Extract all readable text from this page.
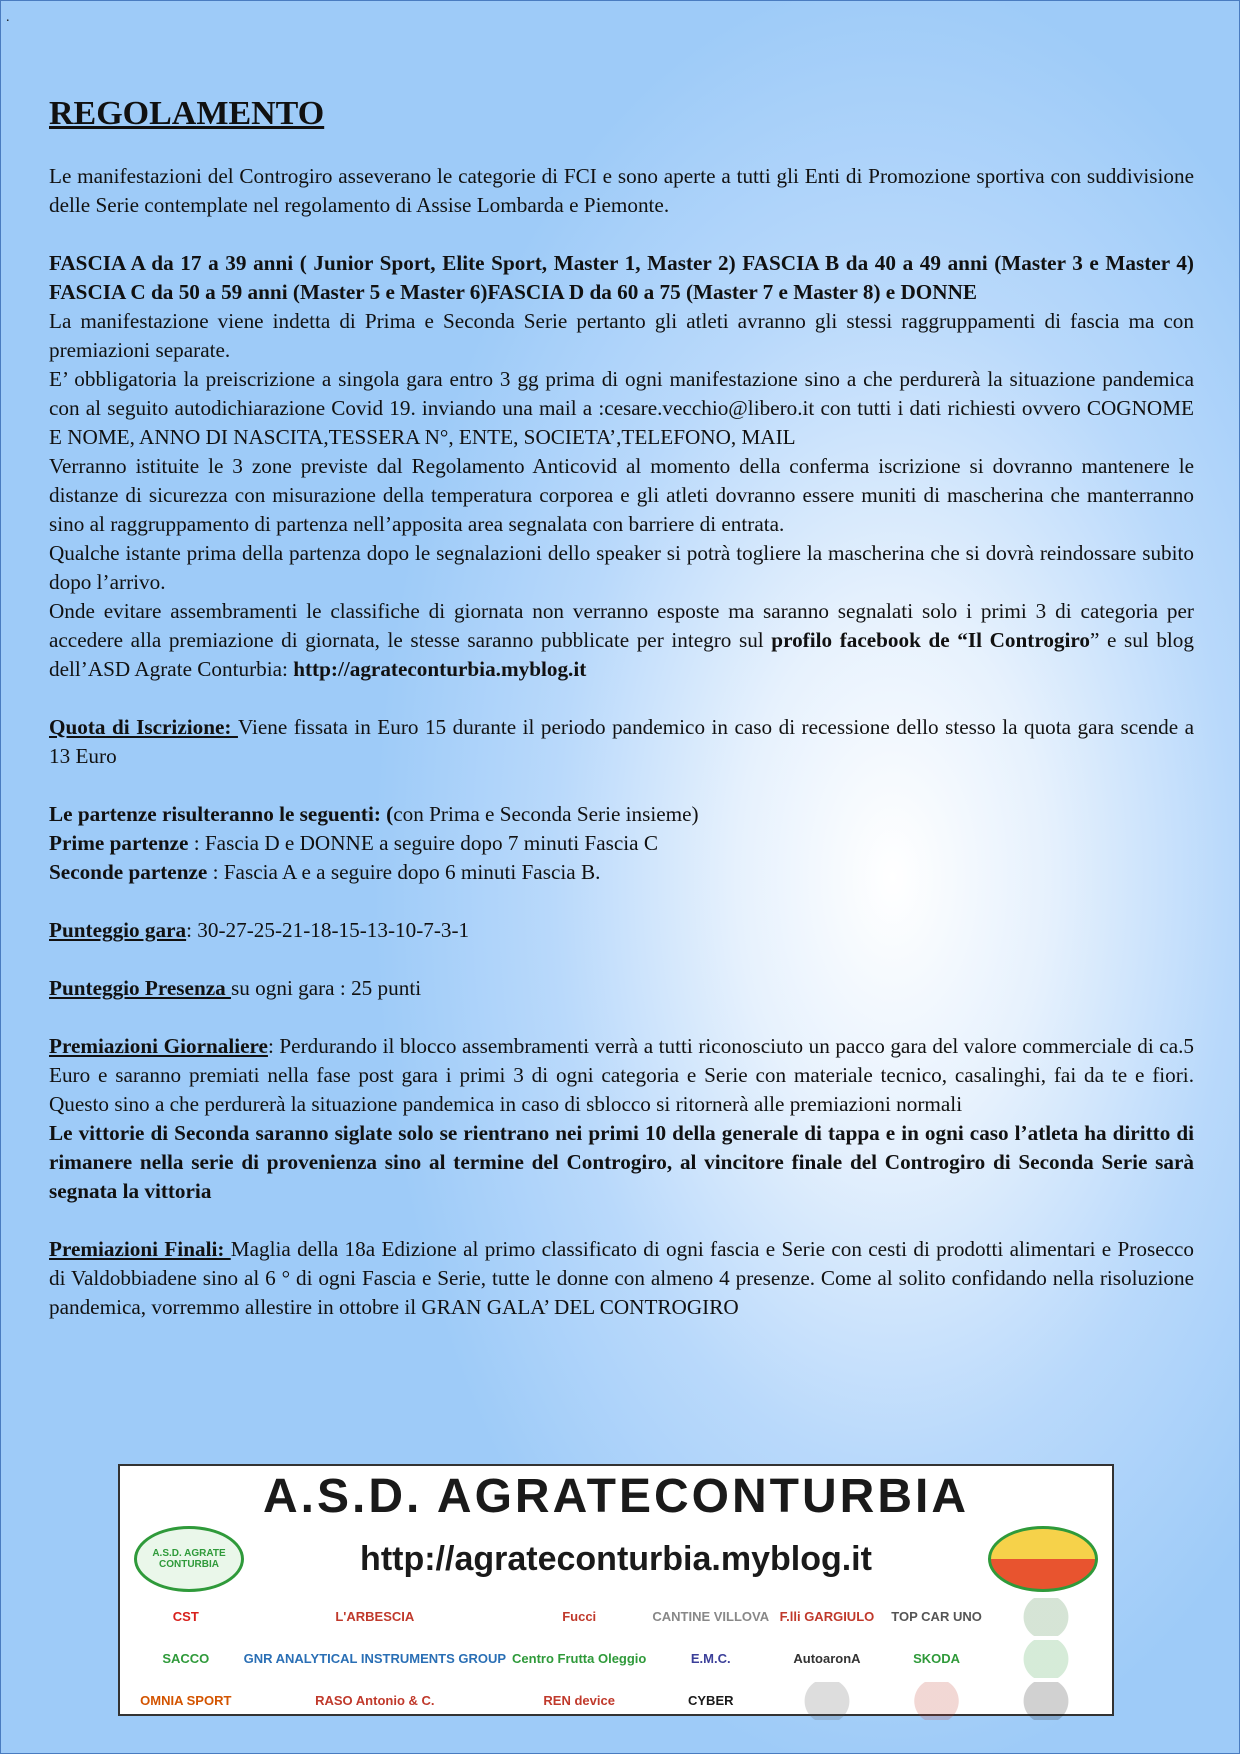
.
REGOLAMENTO

Le manifestazioni del Controgiro asseverano le categorie di FCI e sono aperte a tutti gli Enti di Promozione sportiva con suddivisione delle Serie contemplate nel regolamento di Assise Lombarda e Piemonte.

FASCIA A da 17 a 39 anni ( Junior Sport, Elite Sport, Master 1, Master 2) FASCIA B da 40 a 49 anni (Master 3 e Master 4) FASCIA C da 50 a 59 anni (Master 5 e Master 6)FASCIA D da 60 a 75 (Master 7 e Master 8) e DONNE

La manifestazione viene indetta di Prima e Seconda Serie pertanto gli atleti avranno gli stessi raggruppamenti di fascia ma con premiazioni separate.

E’ obbligatoria la preiscrizione a singola gara entro 3 gg prima di ogni manifestazione sino a che perdurerà la situazione pandemica con al seguito autodichiarazione Covid 19. inviando una mail a :cesare.vecchio@libero.it con tutti i dati richiesti ovvero COGNOME E NOME, ANNO DI NASCITA,TESSERA N°, ENTE, SOCIETA’,TELEFONO, MAIL

Verranno istituite le 3 zone previste dal Regolamento Anticovid al momento della conferma iscrizione si dovranno mantenere le distanze di sicurezza con misurazione della temperatura corporea e gli atleti dovranno essere muniti di mascherina che manterranno sino al raggruppamento di partenza nell’apposita area segnalata con barriere di entrata.

Qualche istante prima della partenza dopo le segnalazioni dello speaker si potrà togliere la mascherina che si dovrà reindossare subito dopo l’arrivo.

Onde evitare assembramenti le classifiche di giornata non verranno esposte ma saranno segnalati solo i primi 3 di categoria per accedere alla premiazione di giornata, le stesse saranno pubblicate per integro sul profilo facebook de “Il Controgiro” e sul blog dell’ASD Agrate Conturbia: http://agrateconturbia.myblog.it

Quota di Iscrizione: Viene fissata in Euro 15 durante il periodo pandemico in caso di recessione dello stesso la quota gara scende a 13 Euro

Le partenze risulteranno le seguenti: (con Prima e Seconda Serie insieme)

Prime partenze : Fascia D e DONNE a seguire dopo 7 minuti Fascia C

Seconde partenze : Fascia A e a seguire dopo 6 minuti Fascia B.

Punteggio gara: 30-27-25-21-18-15-13-10-7-3-1

Punteggio Presenza su ogni gara : 25 punti

Premiazioni Giornaliere: Perdurando il blocco assembramenti verrà a tutti riconosciuto un pacco gara del valore commerciale di ca.5 Euro e saranno premiati nella fase post gara i primi 3 di ogni categoria e Serie con materiale tecnico, casalinghi, fai da te e fiori. Questo sino a che perdurerà la situazione pandemica in caso di sblocco si ritornerà alle premiazioni normali

Le vittorie di Seconda saranno siglate solo se rientrano nei primi 10 della generale di tappa e in ogni caso l’atleta ha diritto di rimanere nella serie di provenienza sino al termine del Controgiro, al vincitore finale del Controgiro di Seconda Serie sarà segnata la vittoria

Premiazioni Finali: Maglia della 18a Edizione al primo classificato di ogni fascia e Serie con cesti di prodotti alimentari e Prosecco di Valdobbiadene sino al 6 ° di ogni Fascia e Serie, tutte le donne con almeno 4 presenze. Come al solito confidando nella risoluzione pandemica, vorremmo allestire in ottobre il GRAN GALA’ DEL CONTROGIRO

A.S.D. AGRATECONTURBIA
A.S.D. AGRATE CONTURBIA	http://agrateconturbia.myblog.it
CST	L'ARBESCIA	Fucci	CANTINE VILLOVA F.lli GARGIULO	TOP CAR UNO
SACCO	GNR ANALYTICAL INSTRUMENTS GROUP Centro Frutta Oleggio	E.M.C.	AutoaronA	SKODA
OMNIA SPORT	RASO Antonio & C.	REN device	CYBER
